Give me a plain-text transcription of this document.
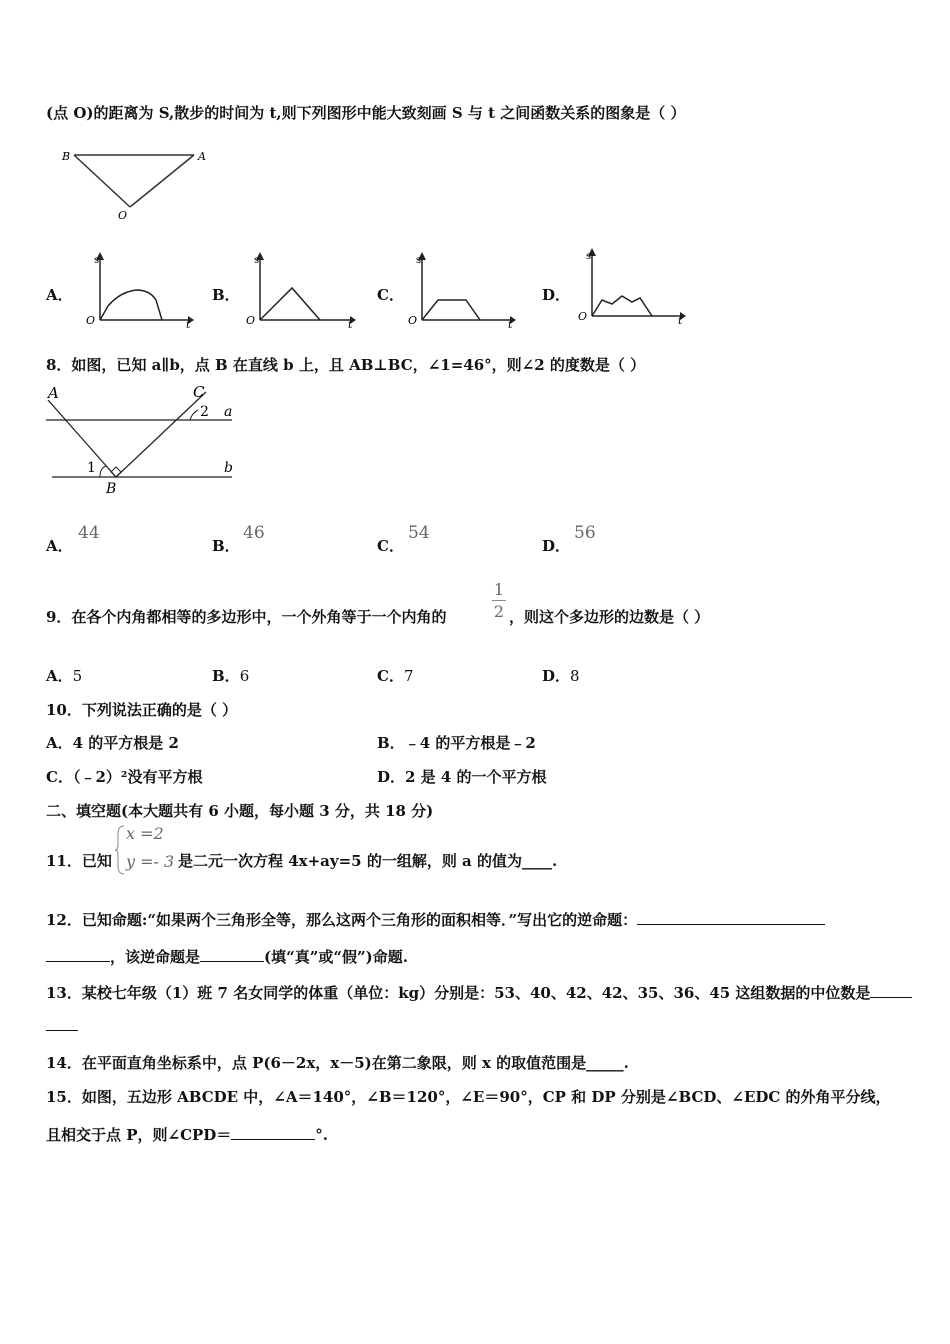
(点 O)的距离为 S,散步的时间为 t,则下列图形中能大致刻画 S 与 t 之间函数关系的图象是（ ）
B	A
O
A．
s
O	t
B．
s
O	t
C．
s
O	t
D．
s
O	t
8．如图，已知 a∥b，点 B 在直线 b 上，且 AB⊥BC，∠1=46°，则∠2 的度数是（ ）
A	C
2 a
1
B
b
A．
44
B．
46
C．
54
D．
56
9．在各个内角都相等的多边形中，一个外角等于一个内角的
1
2 ，则这个多边形的边数是（ ）
A．5	B．6	C．7	D．8
10．下列说法正确的是（ ）
A．4 的平方根是 2	B．﹣4 的平方根是﹣2
C．（﹣2）²没有平方根	D．2 是 4 的一个平方根
二、填空题(本大题共有 6 小题，每小题 3 分，共 18 分)
11．已知
x =2
y =- 3 是二元一次方程 4x+ay=5 的一组解，则 a 的值为____.
12．已知命题:“如果两个三角形全等，那么这两个三角形的面积相等．”写出它的逆命题：
，该逆命题是	(填“真”或“假”)命题.
13．某校七年级（1）班 7 名女同学的体重（单位：kg）分别是：53、40、42、42、35、36、45 这组数据的中位数是
14．在平面直角坐标系中，点 P(6－2x，x－5)在第二象限，则 x 的取值范围是_____.
15．如图，五边形 ABCDE 中，∠A＝140°，∠B＝120°，∠E＝90°，CP 和 DP 分别是∠BCD、∠EDC 的外角平分线，
且相交于点 P，则∠CPD＝	°.
